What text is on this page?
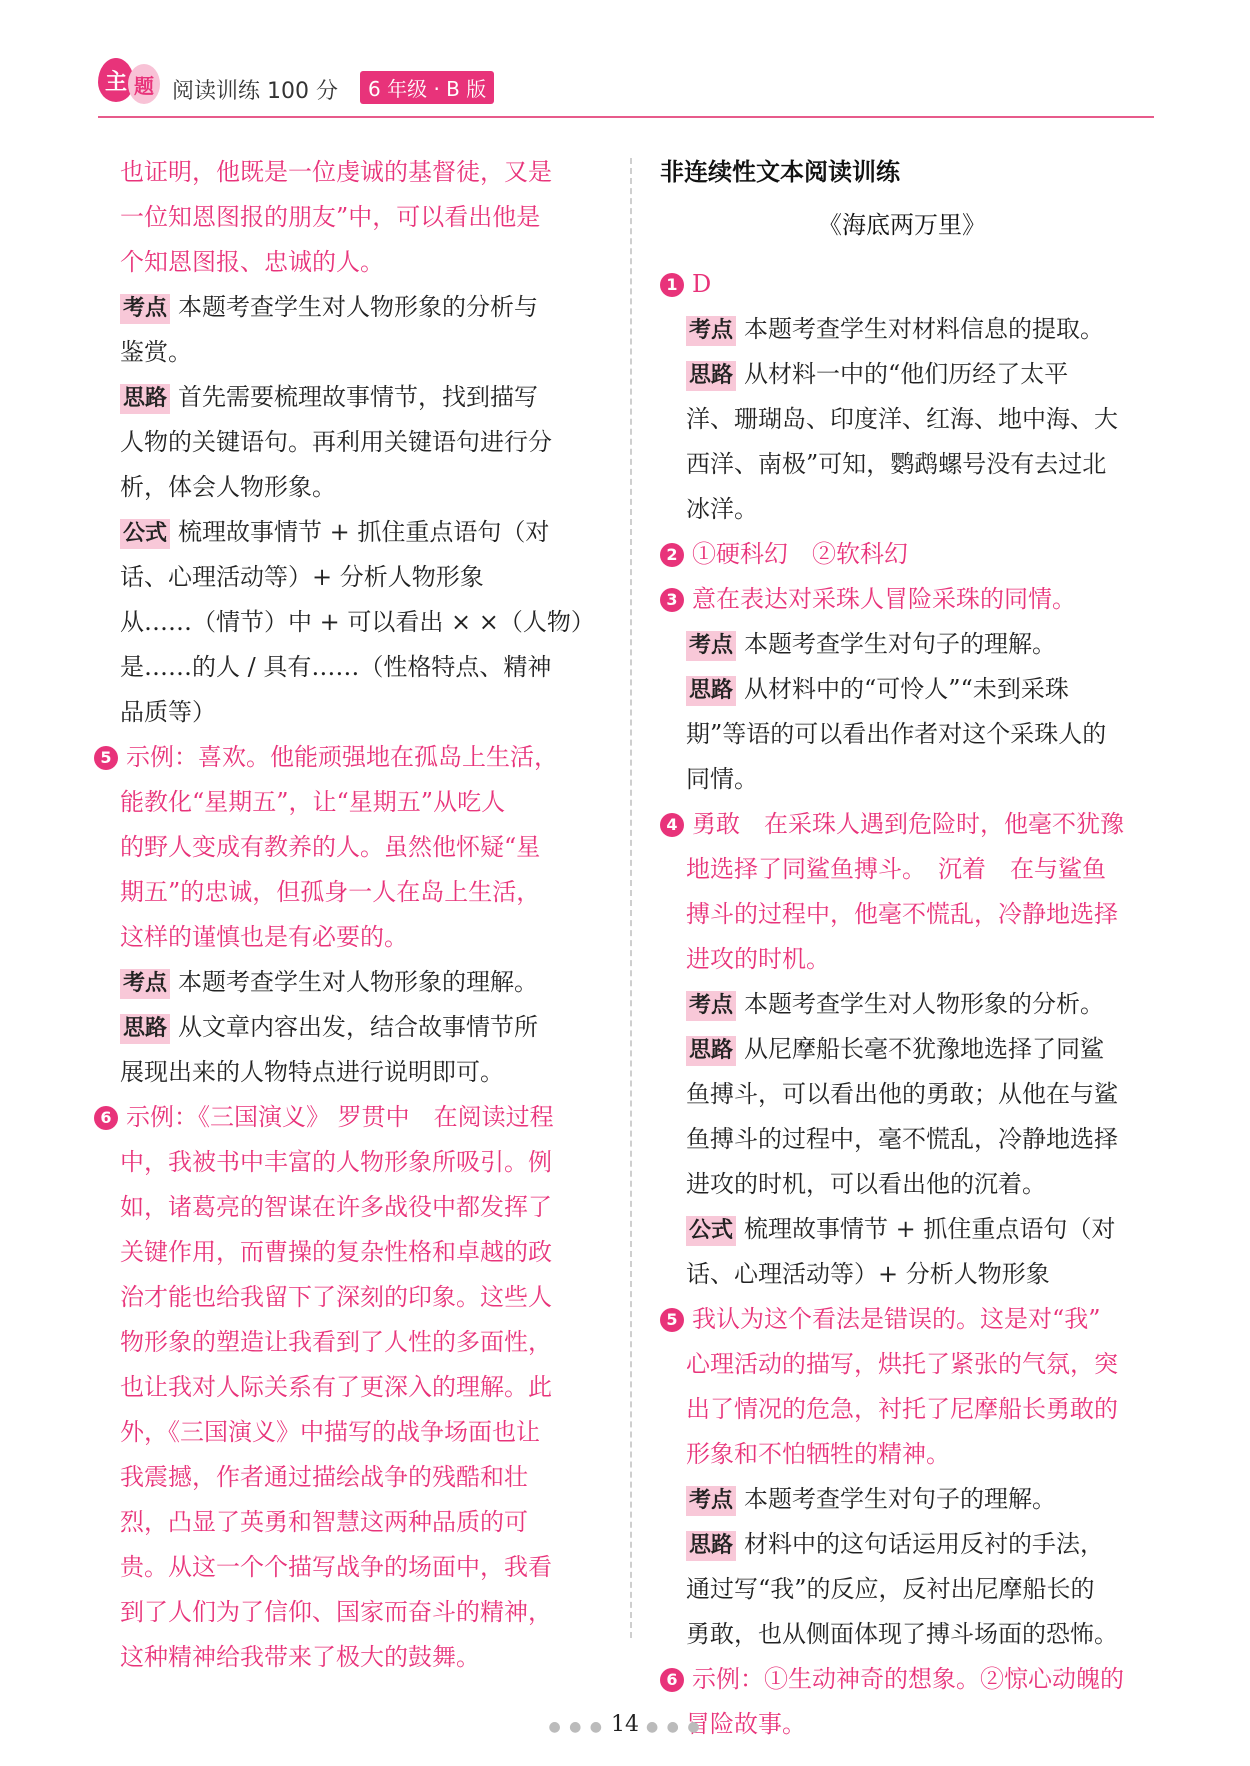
主 题 阅读训练 100 分	6 年级 · B 版
也证明，他既是一位虔诚的基督徒，又是
一位知恩图报的朋友”中，可以看出他是
个知恩图报、忠诚的人。
考点 本题考查学生对人物形象的分析与
鉴赏。
思路 首先需要梳理故事情节，找到描写
人物的关键语句。再利用关键语句进行分
析，体会人物形象。
公式 梳理故事情节 + 抓住重点语句（对
话、心理活动等）+ 分析人物形象
从……（情节）中 + 可以看出 × ×（人物）
是……的人 / 具有……（性格特点、精神
品质等）
5 示例：喜欢。他能顽强地在孤岛上生活，
能教化“星期五”，让“星期五”从吃人
的野人变成有教养的人。虽然他怀疑“星
期五”的忠诚，但孤身一人在岛上生活，
这样的谨慎也是有必要的。
考点 本题考查学生对人物形象的理解。
思路 从文章内容出发，结合故事情节所
展现出来的人物特点进行说明即可。
6 示例：《三国演义》 罗贯中　在阅读过程
中，我被书中丰富的人物形象所吸引。例
如，诸葛亮的智谋在许多战役中都发挥了
关键作用，而曹操的复杂性格和卓越的政
治才能也给我留下了深刻的印象。这些人
物形象的塑造让我看到了人性的多面性，
也让我对人际关系有了更深入的理解。此
外，《三国演义》中描写的战争场面也让
我震撼，作者通过描绘战争的残酷和壮
烈，凸显了英勇和智慧这两种品质的可
贵。从这一个个描写战争的场面中，我看
到了人们为了信仰、国家而奋斗的精神，
这种精神给我带来了极大的鼓舞。
非连续性文本阅读训练
《海底两万里》
1 D
考点 本题考查学生对材料信息的提取。
思路 从材料一中的“他们历经了太平
洋、珊瑚岛、印度洋、红海、地中海、大
西洋、南极”可知，鹦鹉螺号没有去过北
冰洋。
2 ①硬科幻　②软科幻
3 意在表达对采珠人冒险采珠的同情。
考点 本题考查学生对句子的理解。
思路 从材料中的“可怜人”“未到采珠
期”等语的可以看出作者对这个采珠人的
同情。
4 勇敢　在采珠人遇到危险时，他毫不犹豫
地选择了同鲨鱼搏斗。　沉着　在与鲨鱼
搏斗的过程中，他毫不慌乱，冷静地选择
进攻的时机。
考点 本题考查学生对人物形象的分析。
思路 从尼摩船长毫不犹豫地选择了同鲨
鱼搏斗，可以看出他的勇敢；从他在与鲨
鱼搏斗的过程中，毫不慌乱，冷静地选择
进攻的时机，可以看出他的沉着。
公式 梳理故事情节 + 抓住重点语句（对
话、心理活动等）+ 分析人物形象
5 我认为这个看法是错误的。这是对“我”
心理活动的描写，烘托了紧张的气氛，突
出了情况的危急，衬托了尼摩船长勇敢的
形象和不怕牺牲的精神。
考点 本题考查学生对句子的理解。
思路 材料中的这句话运用反衬的手法，
通过写“我”的反应，反衬出尼摩船长的
勇敢，也从侧面体现了搏斗场面的恐怖。
6 示例：①生动神奇的想象。②惊心动魄的
冒险故事。
● ● ● 14 ● ● ●
